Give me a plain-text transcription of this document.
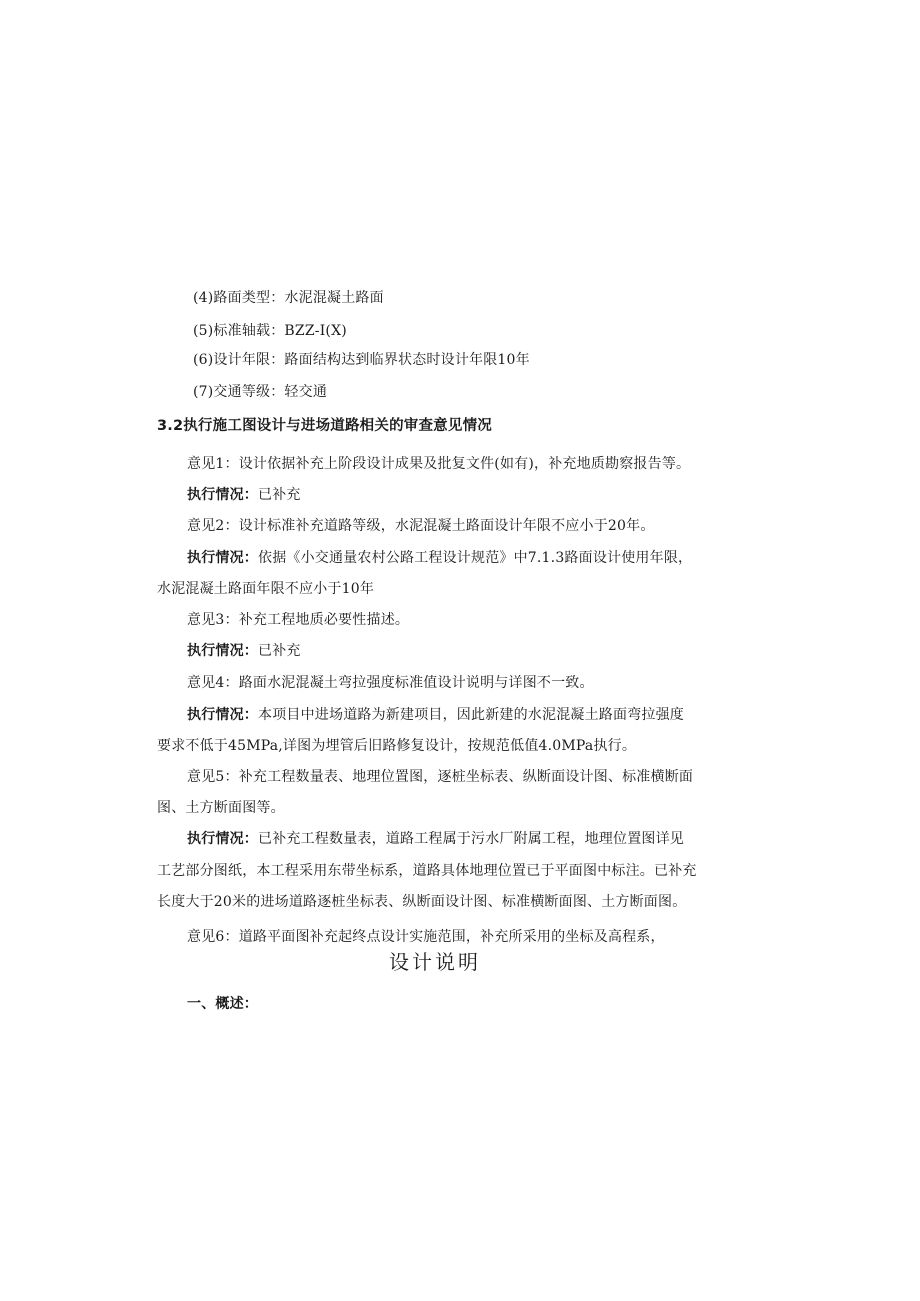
(4)路面类型：水泥混凝土路面
(5)标准轴载：BZZ-I(X)
(6)设计年限：路面结构达到临界状态时设计年限10年
(7)交通等级：轻交通
3.2执行施工图设计与进场道路相关的审查意见情况
意见1：设计依据补充上阶段设计成果及批复文件(如有)，补充地质勘察报告等。
执行情况：已补充
意见2：设计标准补充道路等级，水泥混凝土路面设计年限不应小于20年。
执行情况：依据《小交通量农村公路工程设计规范》中7.1.3路面设计使用年限，
水泥混凝土路面年限不应小于10年
意见3：补充工程地质必要性描述。
执行情况：已补充
意见4：路面水泥混凝土弯拉强度标准值设计说明与详图不一致。
执行情况：本项目中进场道路为新建项目，因此新建的水泥混凝土路面弯拉强度
要求不低于45MPa,详图为埋管后旧路修复设计，按规范低值4.0MPa执行。
意见5：补充工程数量表、地理位置图，逐桩坐标表、纵断面设计图、标准横断面
图、土方断面图等。
执行情况：已补充工程数量表，道路工程属于污水厂附属工程，地理位置图详见
工艺部分图纸，本工程采用东带坐标系，道路具体地理位置已于平面图中标注。已补充
长度大于20米的进场道路逐桩坐标表、纵断面设计图、标准横断面图、土方断面图。
意见6：道路平面图补充起终点设计实施范围，补充所采用的坐标及高程系，
设计说明
一、概述：
